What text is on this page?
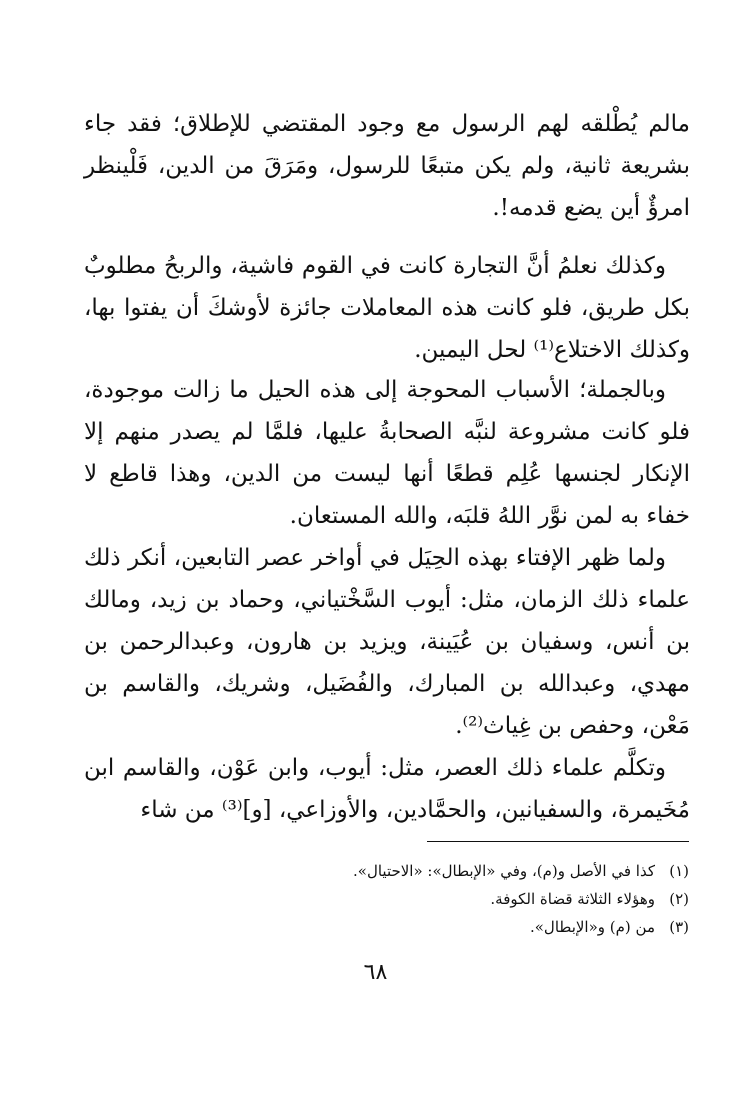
مالم يُطْلقه لهم الرسول مع وجود المقتضي للإطلاق؛ فقد جاء بشريعة ثانية، ولم يكن متبعًا للرسول، ومَرَقَ من الدين، فَلْينظر امرؤٌ أين يضع قدمه!.

وكذلك نعلمُ أنَّ التجارة كانت في القوم فاشية، والربحُ مطلوبٌ بكل طريق، فلو كانت هذه المعاملات جائزة لأوشكَ أن يفتوا بها، وكذلك الاختلاع⁽¹⁾ لحل اليمين.

وبالجملة؛ الأسباب المحوجة إلى هذه الحيل ما زالت موجودة، فلو كانت مشروعة لنبَّه الصحابةُ عليها، فلمَّا لم يصدر منهم إلا الإنكار لجنسها عُلِم قطعًا أنها ليست من الدين، وهذا قاطع لا خفاء به لمن نوَّر اللهُ قلبَه، والله المستعان.

ولما ظهر الإفتاء بهذه الحِيَل في أواخر عصر التابعين، أنكر ذلك علماء ذلك الزمان، مثل: أيوب السَّخْتياني، وحماد بن زيد، ومالك بن أنس، وسفيان بن عُيَينة، ويزيد بن هارون، وعبدالرحمن بن مهدي، وعبدالله بن المبارك، والفُضَيل، وشريك، والقاسم بن مَعْن، وحفص بن غِياث⁽²⁾.

وتكلَّم علماء ذلك العصر، مثل: أيوب، وابن عَوْن، والقاسم ابن مُخَيمرة، والسفيانين، والحمَّادين، والأوزاعي، [و]⁽³⁾ من شاء

(١)
كذا في الأصل و(م)، وفي «الإبطال»: «الاحتيال».
(٢)
وهؤلاء الثلاثة قضاة الكوفة.
(٣)
من (م) و«الإبطال».
٦٨
